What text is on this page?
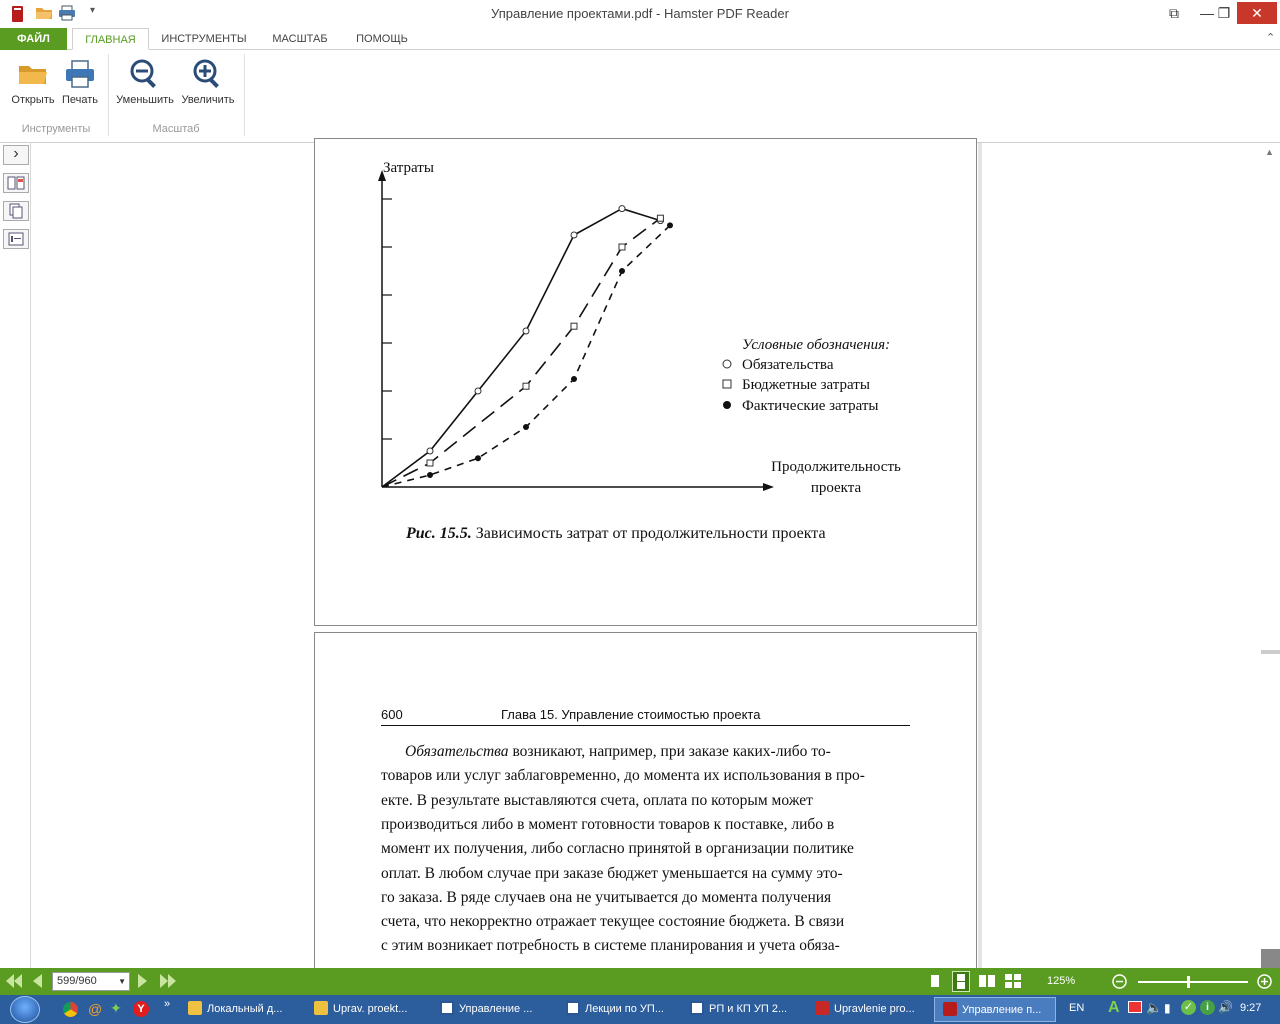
▾	Управление проектами.pdf - Hamster PDF Reader	⧉	— ❐	✕
ФАЙЛ	ГЛАВНАЯ	ИНСТРУМЕНТЫ	МАСШТАБ	ПОМОЩЬ	⌃
Открыть Печать	Уменьшить Увеличить
Инструменты	Масштаб
›
Затраты
Продолжительность
проекта
Условные обозначения:
Обязательства
Бюджетные затраты
Фактические затраты
Рис. 15.5. Зависимость затрат от продолжительности проекта
600	Глава 15. Управление стоимостью проекта
Обязательства возникают, например, при заказе каких-либо то-
товаров или услуг заблаговременно, до момента их использования в про-
екте. В результате выставляются счета, оплата по которым может
производиться либо в момент готовности товаров к поставке, либо в
момент их получения, либо согласно принятой в организации политике
оплат. В любом случае при заказе бюджет уменьшается на сумму это-
го заказа. В ряде случаев она не учитывается до момента получения
счета, что некорректно отражает текущее состояние бюджета. В связи
с этим возникает потребность в системе планирования и учета обяза-
▲
599/960	▼	125%
@ ✦	Y	»	Локальный д...	Uprav. proekt...	Управление ...	Лекции по УП...	РП и КП УП 2...	Upravlenie pro...	Управление п...	EN A 🔈 ▮ ✓	i 🔊 9:27
